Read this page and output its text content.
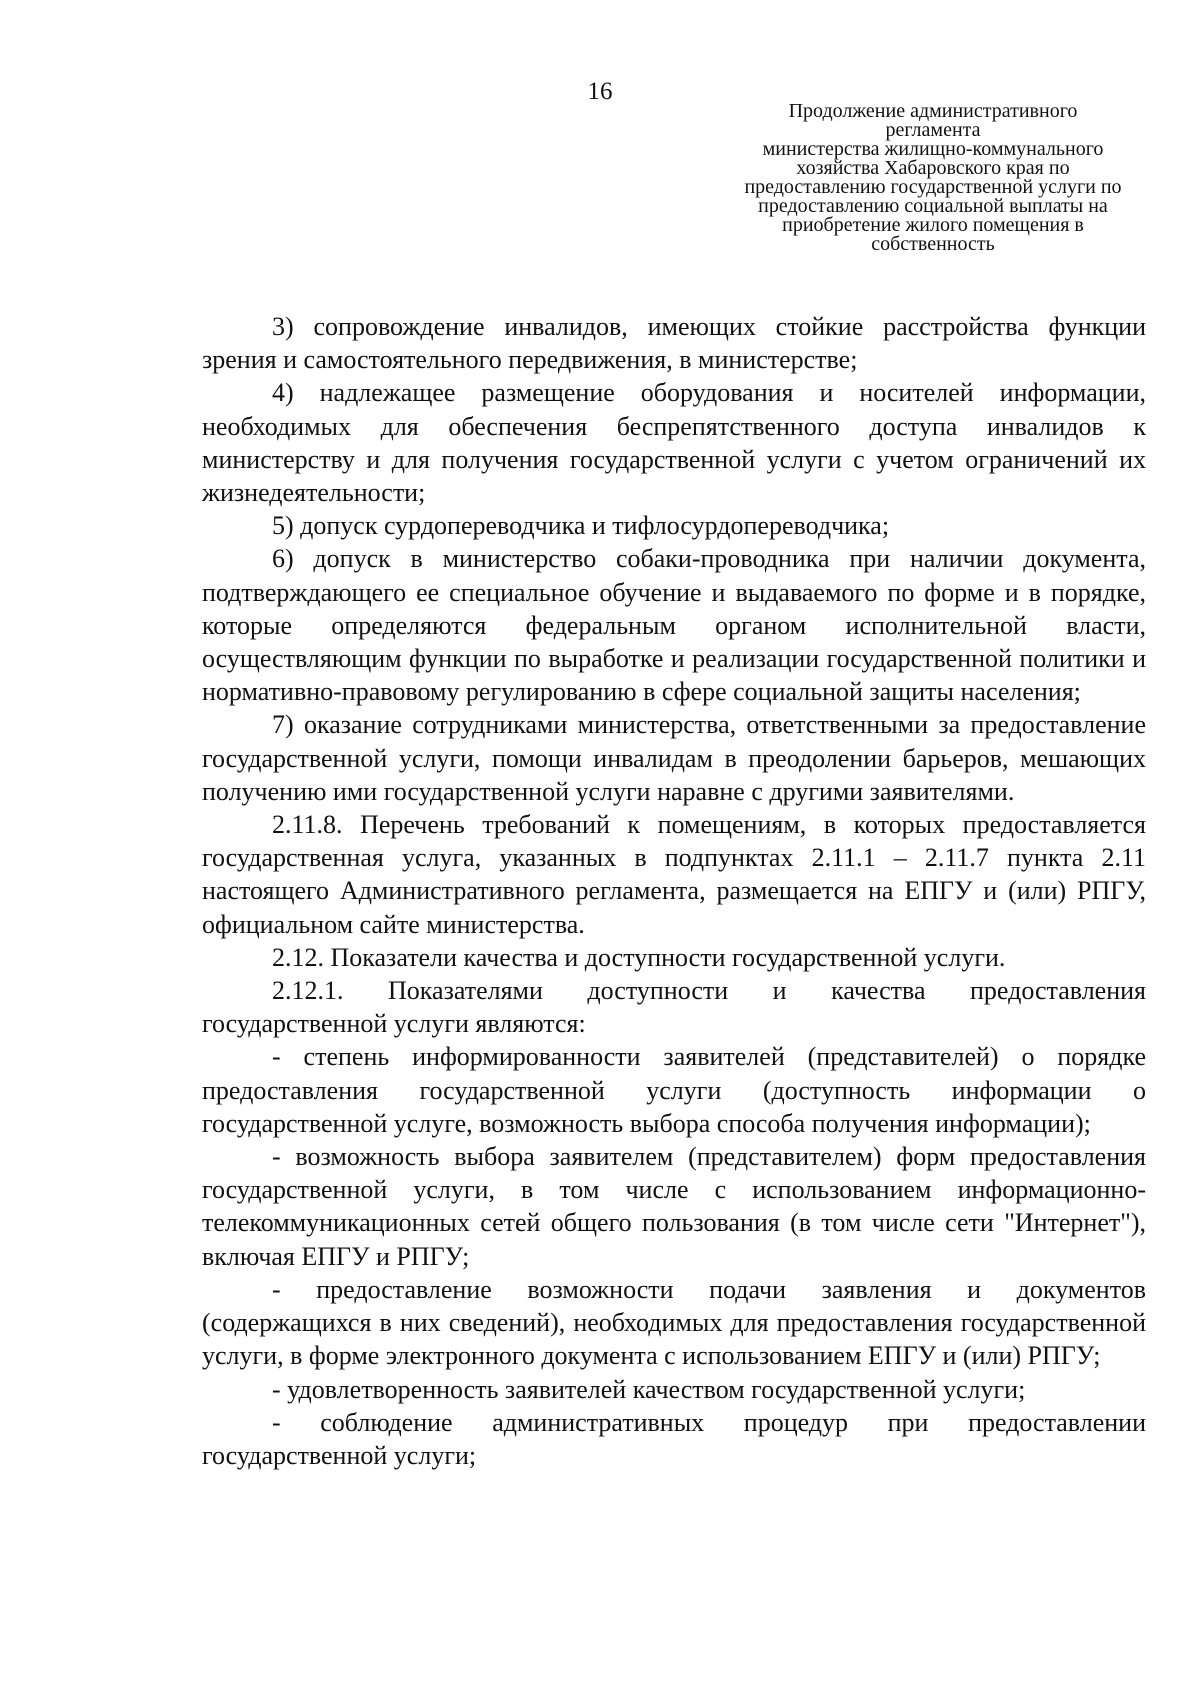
16
Продолжение административного регламента
министерства жилищно-коммунального хозяйства Хабаровского края по предоставлению государственной услуги по предоставлению социальной выплаты на приобретение жилого помещения в собственность

3) сопровождение инвалидов, имеющих стойкие расстройства функции зрения и самостоятельного передвижения, в министерстве;

4) надлежащее размещение оборудования и носителей информации, необходимых для обеспечения беспрепятственного доступа инвалидов к министерству и для получения государственной услуги с учетом ограничений их жизнедеятельности;

5) допуск сурдопереводчика и тифлосурдопереводчика;

6) допуск в министерство собаки-проводника при наличии документа, подтверждающего ее специальное обучение и выдаваемого по форме и в порядке, которые определяются федеральным органом исполнительной власти, осуществляющим функции по выработке и реализации государственной политики и нормативно-правовому регулированию в сфере социальной защиты населения;

7) оказание сотрудниками министерства, ответственными за предоставление государственной услуги, помощи инвалидам в преодолении барьеров, мешающих получению ими государственной услуги наравне с другими заявителями.

2.11.8. Перечень требований к помещениям, в которых предоставляется государственная услуга, указанных в подпунктах 2.11.1 – 2.11.7 пункта 2.11 настоящего Административного регламента, размещается на ЕПГУ и (или) РПГУ, официальном сайте министерства.

2.12. Показатели качества и доступности государственной услуги.

2.12.1. Показателями доступности и качества предоставления государственной услуги являются:

- степень информированности заявителей (представителей) о порядке предоставления государственной услуги (доступность информации о государственной услуге, возможность выбора способа получения информации);

- возможность выбора заявителем (представителем) форм предоставления государственной услуги, в том числе с использованием информационно-телекоммуникационных сетей общего пользования (в том числе сети "Интернет"), включая ЕПГУ и РПГУ;

- предоставление возможности подачи заявления и документов (содержащихся в них сведений), необходимых для предоставления государственной услуги, в форме электронного документа с использованием ЕПГУ и (или) РПГУ;

- удовлетворенность заявителей качеством государственной услуги;

- соблюдение административных процедур при предоставлении государственной услуги;
